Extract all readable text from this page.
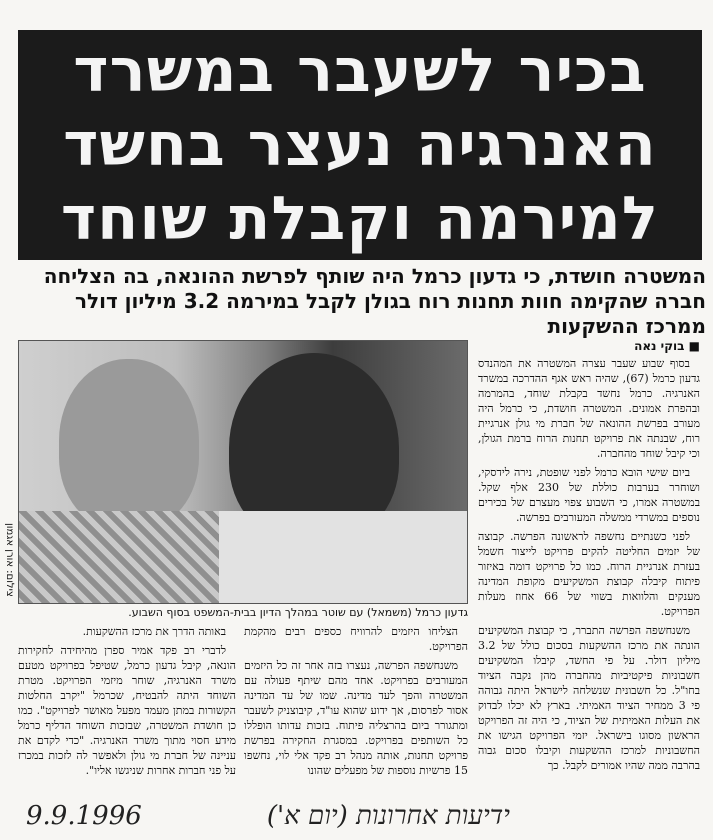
בכיר לשעבר במשרד
האנרגיה נעצר בחשד
למירמה וקבלת שוחד
המשטרה חושדת, כי גדעון כרמל היה שותף לפרשת ההונאה, בה הצליחה חברה שהקימה חוות תחנות רוח בגולן לקבל במירמה 3.2 מיליון דולר ממרכז ההשקעות
צילום: אורן אגמון
גדעון כרמל (משמאל) עם שוטר במהלך הדיון בבית-המשפט בסוף השבוע.
■ בוקי נאה

בסוף שבוע שעבר עצרה המשטרה את המהנדס גדעון כרמל (67), שהיה ראש אגף ההדרכה במשרד האנרגיה. כרמל נחשד בקבלת שוחד, בהמרמה ובהפרת אמונים. המשטרה חושדת, כי כרמל היה מעורב בפרשת ההונאה של חברת מי גולן אנרגיית רוח, שבנתה את פרויקט תחנות הרוח ברמת הגולן, וכי קיבל שוחד מהחברה.

ביום שישי הובא כרמל לפני שופטת, נירה לידסקי, ושוחרר בערבות כוללת של 230 אלף שקל. במשטרה אמרו, כי השבוע צפוי מעצרם של בכירים נוספים במשרדי ממשלה המעורבים בפרשה.

לפני כשנתיים נחשפה לראשונה הפרשה. קבוצה של יזמים החליטה להקים פרויקט לייצור חשמל בעזרת אנרגיית הרוח. כמו כל פרויקט דומה באיזור פיתוח קיבלה קבוצת המשקיעים מקופת המדינה מענקים והלוואות בשווי של 66 אחוז מעלות הפרויקט.

משנחשפה הפרשה התברר, כי קבוצת המשקיעים הונתה את מרכז ההשקעות בסכום כולל של 3.2 מיליון דולר. על פי החשד, קיבלו המשקיעים חשבוניות פיקטיביות מהחברה מהן נקבה הציוד בחו"ל. כל חשבונית שנשלחה לישראל היתה גבוהה פי 3 ממחיר הציוד האמיתי. בארץ לא יכלו לבדוק את העלות האמיתית של הציוד, כי היה זה הפרויקט הראשון מסוגו בישראל. יזמי הפרויקט הגישו את החשבוניות למרכז ההשקעות וקיבלו סכום גבוה בהרבה ממה שהיו אמורים לקבל. כך

הצליחו היזמים להרוויח כספים רבים מהקמת הפרויקט.

משנחשפה הפרשה, נעצרו בזה אחר זה כל היזמים המעורבים בפרויקט. אחד מהם שיתף פעולה עם המשטרה והפך לעד מדינה. שמו של עד המדינה אסור לפרסום, אך ידוע שהוא עו"ד, קיבוצניק לשעבר ומתגורר ביום בהרצליה פיתוח. בזכות עדותו הופללו כל השותפים בפרויקט. במסגרת החקירה בפרשת פרויקט תחנות, אותה מנהל רב פקד אלי לוי, נחשפו 15 פרשיות נוספות של מפעלים שהונו

באותה הדרך את מרכז ההשקעות.

לדברי רב פקד אמיר ספרן מהיחידה לחקירות הונאה, קיבל גדעון כרמל, שטיפל בפרויקט מטעם משרד האנרגיה, שוחר מיזמי הפרויקט. מטרת השוחד היתה להבטיח, שכרמל "יקרב החלטות הקשורות במתן מעמד מפעל מאושר לפרויקט". כמו כן חושדת המשטרה, שבזכות השוחד הדליף כרמל מידע חסוי מתוך משרד האנרגיה. "כדי לקדם את עניינה של חברת מי גולן ולאפשר לה לזכות במכרז על פני חברות אחרות שניגשו אליו".

9.9.1996	ידיעות אחרונות (יום א')
